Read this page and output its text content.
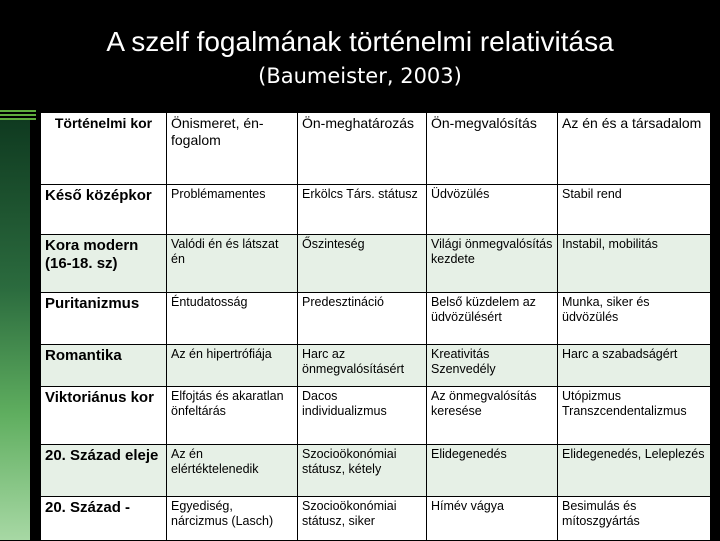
A szelf fogalmának történelmi relativitása
(Baumeister, 2003)
Történelmi kor	Önismeret, én-fogalom	Ön-meghatározás	Ön-megvalósítás	Az én és a társadalom
Késő középkor	Problémamentes	Erkölcs Társ. státusz	Üdvözülés	Stabil rend
Kora modern (16-18. sz)	Valódi én és látszat én	Őszinteség	Világi önmegvalósítás kezdete	Instabil, mobilitás
Puritanizmus	Éntudatosság	Predesztináció	Belső küzdelem az üdvözülésért	Munka, siker és üdvözülés
Romantika	Az én hipertrófiája	Harc az önmegvalósításért	Kreativitás Szenvedély	Harc a szabadságért
Viktoriánus kor	Elfojtás és akaratlan önfeltárás	Dacos individualizmus	Az önmegvalósítás keresése	Utópizmus Transzcendentalizmus
20. Század eleje	Az én elértéktelenedik	Szocioökonómiai státusz, kétely	Elidegenedés	Elidegenedés, Leleplezés
20. Század -	Egyediség, nárcizmus (Lasch)	Szocioökonómiai státusz, siker	Hímév vágya	Besimulás és mítoszgyártás
